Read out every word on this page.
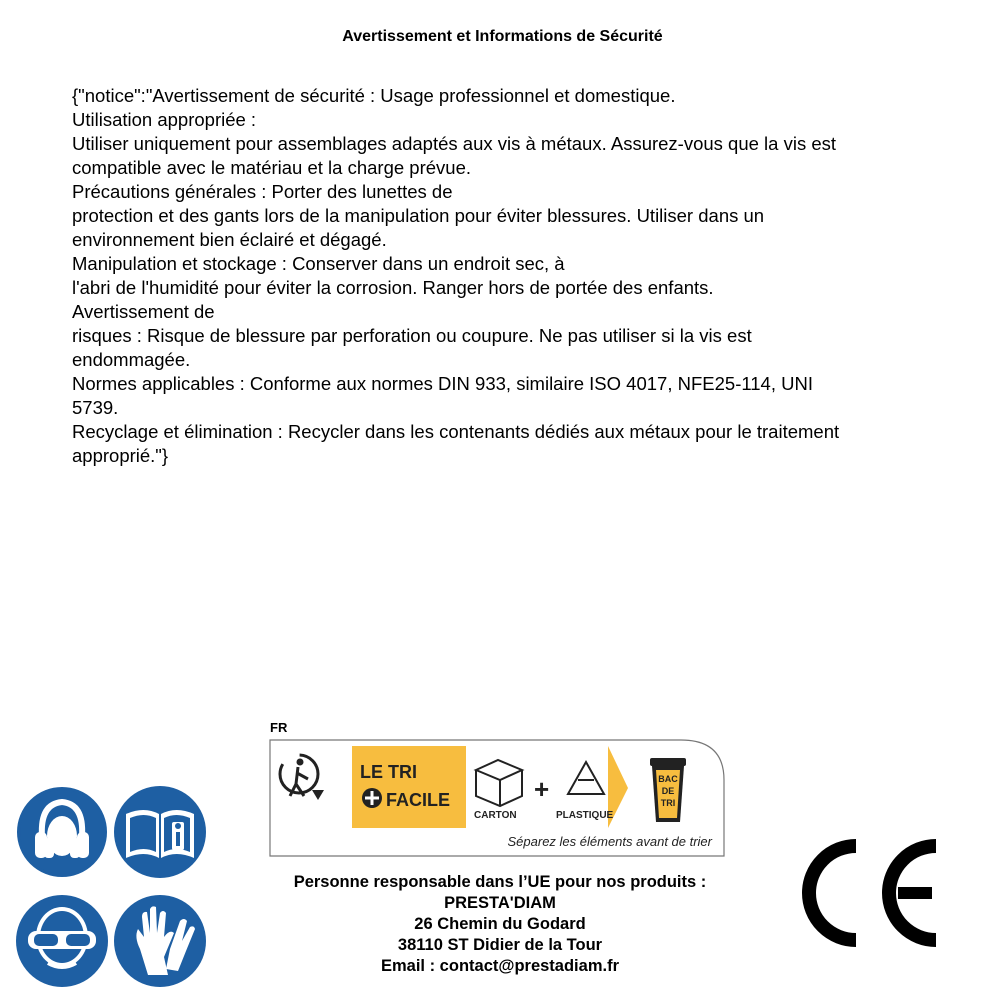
Avertissement et Informations de Sécurité
{"notice":"Avertissement de sécurité : Usage professionnel et domestique.
Utilisation appropriée :
Utiliser uniquement pour assemblages adaptés aux vis à métaux. Assurez-vous que la vis est
compatible avec le matériau et la charge prévue.
Précautions générales : Porter des lunettes de
protection et des gants lors de la manipulation pour éviter blessures. Utiliser dans un
environnement bien éclairé et dégagé.
Manipulation et stockage : Conserver dans un endroit sec, à
l'abri de l'humidité pour éviter la corrosion. Ranger hors de portée des enfants.
Avertissement de
risques : Risque de blessure par perforation ou coupure. Ne pas utiliser si la vis est
endommagée.
Normes applicables : Conforme aux normes DIN 933, similaire ISO 4017, NFE25-114, UNI
5739.
Recyclage et élimination : Recycler dans les contenants dédiés aux métaux pour le traitement
approprié."}
FR
LE TRI
FACILE
CARTON
+
PLASTIQUE
BAC
DE
TRI
Séparez les éléments avant de trier
Personne responsable dans l’UE pour nos produits :
PRESTA'DIAM
26 Chemin du Godard
38110 ST Didier de la Tour
Email : contact@prestadiam.fr
